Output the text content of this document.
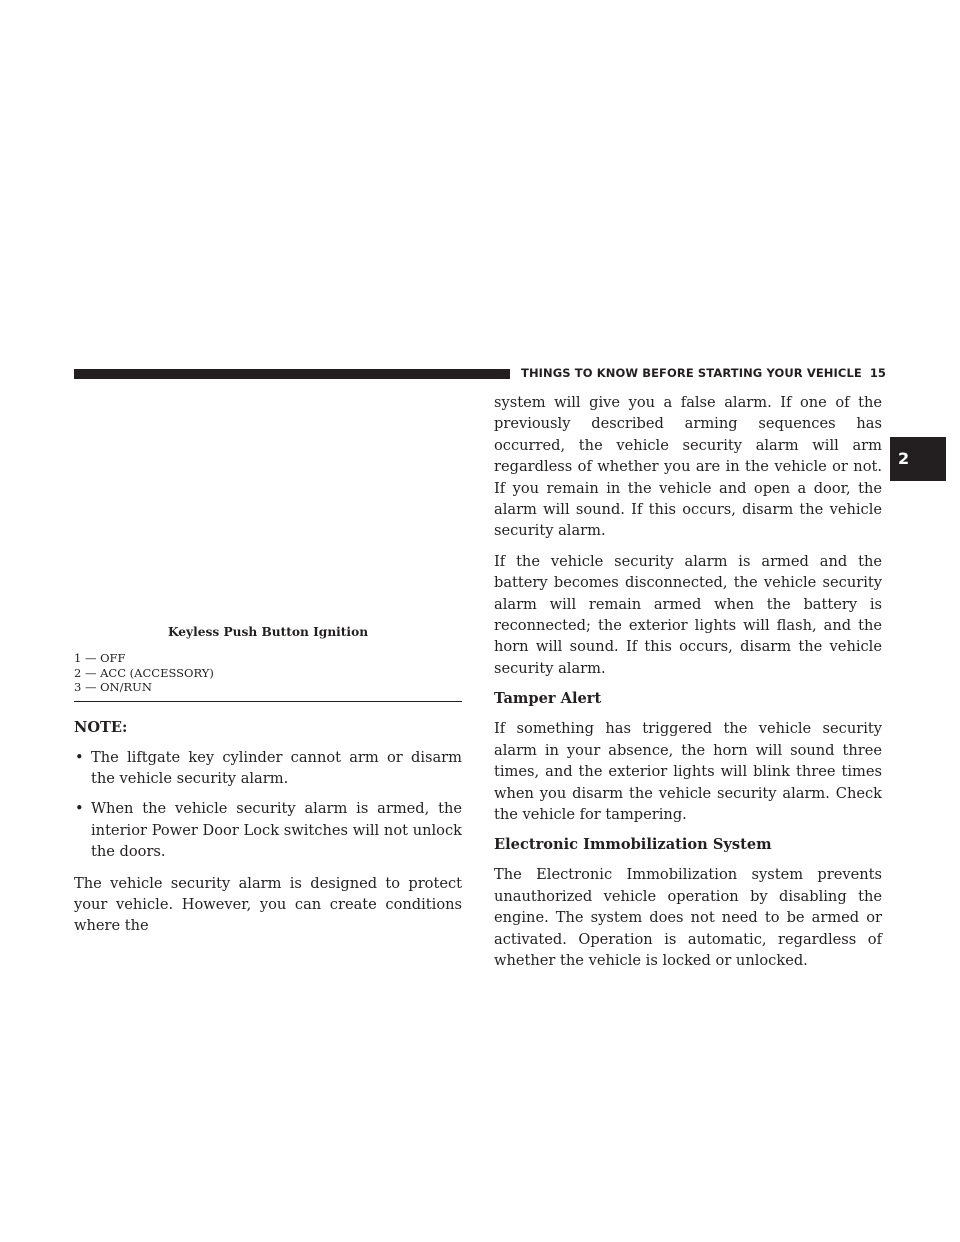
THINGS TO KNOW BEFORE STARTING YOUR VEHICLE 15
2
Keyless Push Button Ignition
1 — OFF
2 — ACC (ACCESSORY)
3 — ON/RUN
NOTE:
• The liftgate key cylinder cannot arm or disarm the vehicle security alarm.
• When the vehicle security alarm is armed, the interior Power Door Lock switches will not unlock the doors.

The vehicle security alarm is designed to protect your vehicle. However, you can create conditions where the

system will give you a false alarm. If one of the previously described arming sequences has occurred, the vehicle security alarm will arm regardless of whether you are in the vehicle or not. If you remain in the vehicle and open a door, the alarm will sound. If this occurs, disarm the vehicle security alarm.

If the vehicle security alarm is armed and the battery becomes disconnected, the vehicle security alarm will remain armed when the battery is reconnected; the exterior lights will flash, and the horn will sound. If this occurs, disarm the vehicle security alarm.

Tamper Alert

If something has triggered the vehicle security alarm in your absence, the horn will sound three times, and the exterior lights will blink three times when you disarm the vehicle security alarm. Check the vehicle for tampering.

Electronic Immobilization System

The Electronic Immobilization system prevents unauthorized vehicle operation by disabling the engine. The system does not need to be armed or activated. Operation is automatic, regardless of whether the vehicle is locked or unlocked.
